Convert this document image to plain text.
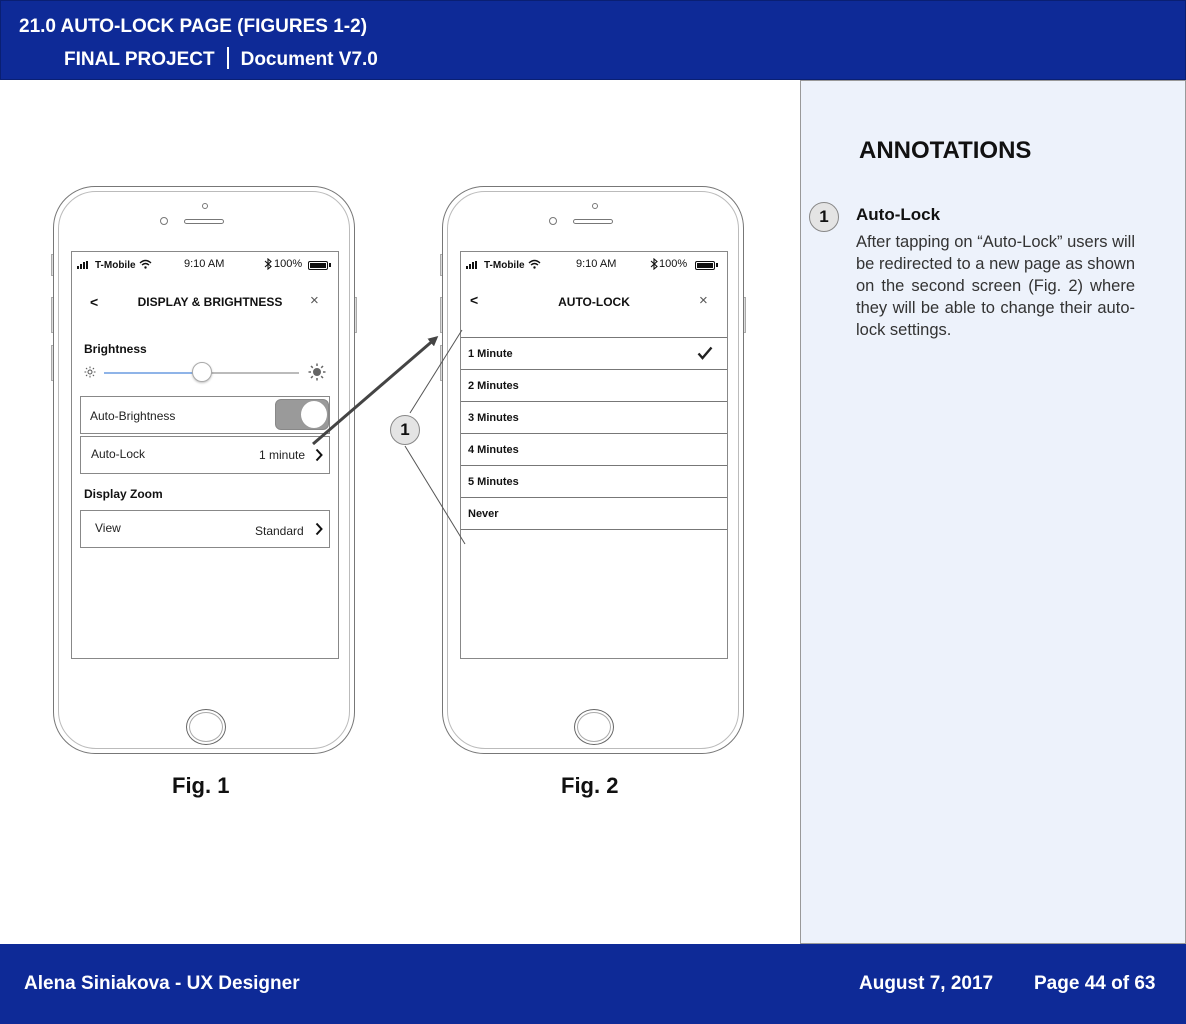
21.0 AUTO-LOCK PAGE (FIGURES 1-2)
FINAL PROJECT Document V7.0
ANNOTATIONS
1	Auto-Lock
After tapping on “Auto-Lock” users will be redirected to a new page as shown on the second screen (Fig. 2) where they will be able to change their auto-lock settings.
T-Mobile	9:10 AM	100%
<	DISPLAY & BRIGHTNESS	×
Brightness
Auto-Brightness
Auto-Lock	1 minute
Display Zoom
View	Standard
T-Mobile	9:10 AM	100%
<	AUTO-LOCK	×
1 Minute
2 Minutes
3 Minutes
4 Minutes
5 Minutes
Never
1
Fig. 1	Fig. 2
Alena Siniakova - UX Designer	August 7, 2017 Page 44 of 63
